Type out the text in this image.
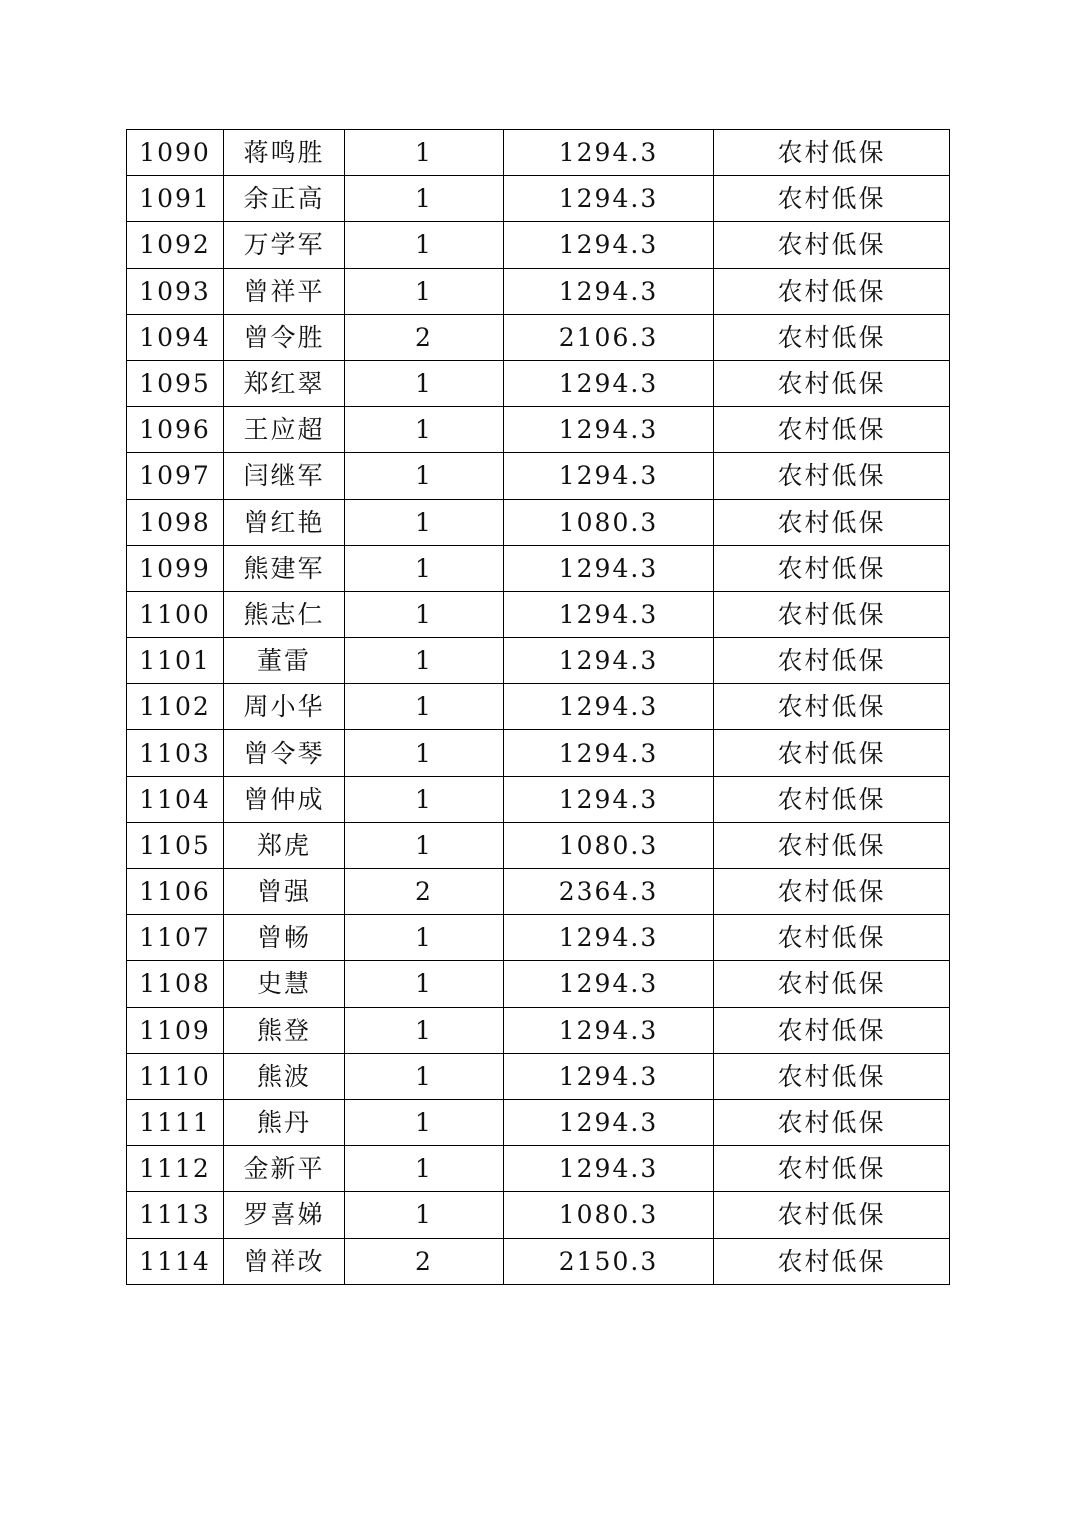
1090	蒋鸣胜	1	1294.3	农村低保
1091	余正高	1	1294.3	农村低保
1092	万学军	1	1294.3	农村低保
1093	曾祥平	1	1294.3	农村低保
1094	曾令胜	2	2106.3	农村低保
1095	郑红翠	1	1294.3	农村低保
1096	王应超	1	1294.3	农村低保
1097	闫继军	1	1294.3	农村低保
1098	曾红艳	1	1080.3	农村低保
1099	熊建军	1	1294.3	农村低保
1100	熊志仁	1	1294.3	农村低保
1101	董雷	1	1294.3	农村低保
1102	周小华	1	1294.3	农村低保
1103	曾令琴	1	1294.3	农村低保
1104	曾仲成	1	1294.3	农村低保
1105	郑虎	1	1080.3	农村低保
1106	曾强	2	2364.3	农村低保
1107	曾畅	1	1294.3	农村低保
1108	史慧	1	1294.3	农村低保
1109	熊登	1	1294.3	农村低保
1110	熊波	1	1294.3	农村低保
1111	熊丹	1	1294.3	农村低保
1112	金新平	1	1294.3	农村低保
1113	罗喜娣	1	1080.3	农村低保
1114	曾祥改	2	2150.3	农村低保
